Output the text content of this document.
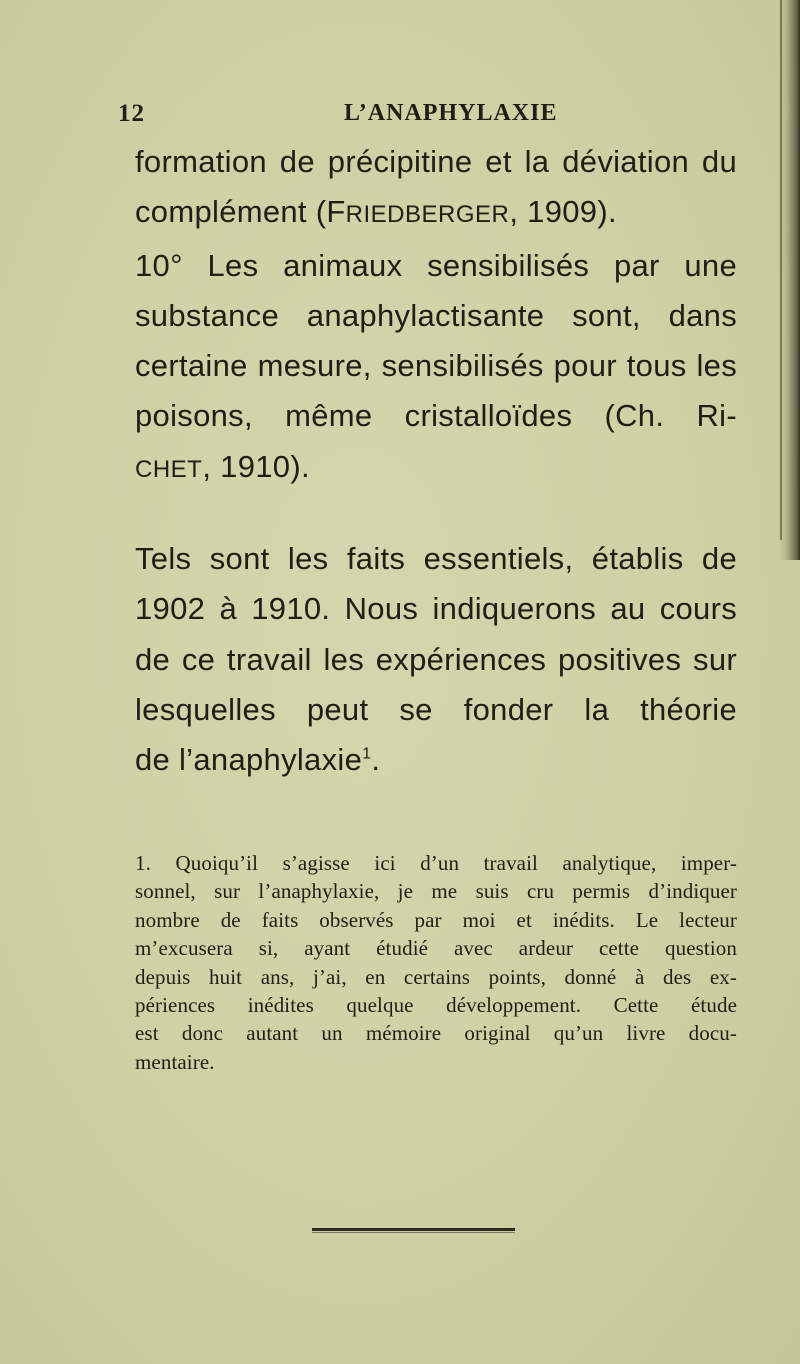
12	L’ANAPHYLAXIE
formation de précipitine et la déviation du
complément (FRIEDBERGER, 1909).
10° Les animaux sensibilisés par une
substance anaphylactisante sont, dans
certaine mesure, sensibilisés pour tous les
poisons, même cristalloïdes (Ch. Ri-
CHET, 1910).
Tels sont les faits essentiels, établis de
1902 à 1910. Nous indiquerons au cours
de ce travail les expériences positives sur
lesquelles peut se fonder la théorie
de l’anaphylaxie$^1$.
1. Quoiqu’il s’agisse ici d’un travail analytique, imper-
sonnel, sur l’anaphylaxie, je me suis cru permis d’indiquer
nombre de faits observés par moi et inédits. Le lecteur
m’excusera si, ayant étudié avec ardeur cette question
depuis huit ans, j’ai, en certains points, donné à des ex-
périences inédites quelque développement. Cette étude
est donc autant un mémoire original qu’un livre docu-
mentaire.
